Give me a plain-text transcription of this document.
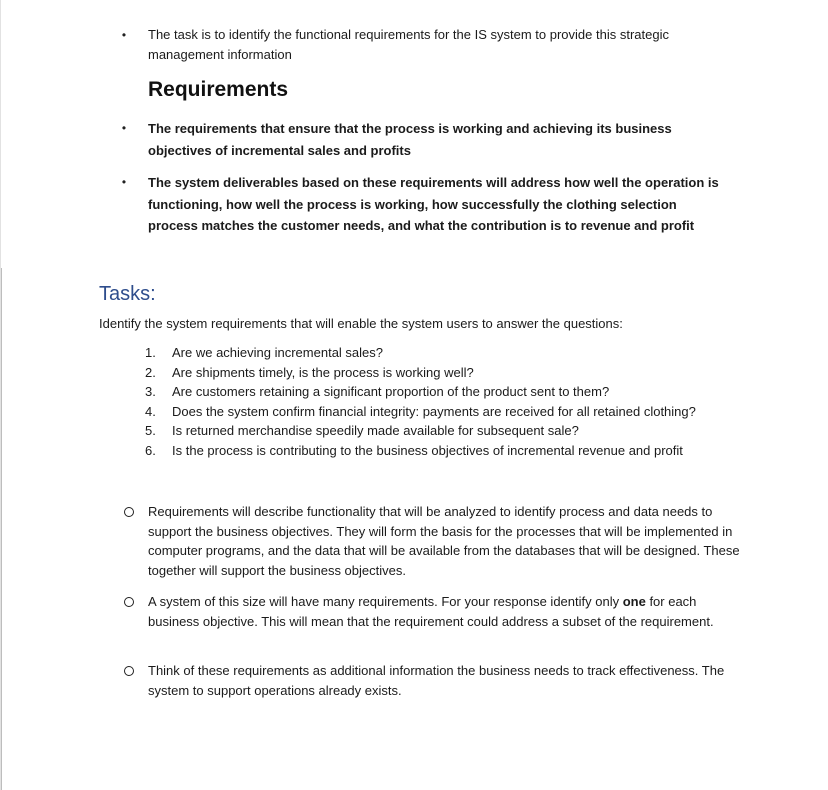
• The task is to identify the functional requirements for the IS system to provide this strategic management information
Requirements
• The requirements that ensure that the process is working and achieving its business objectives of incremental sales and profits
• The system deliverables based on these requirements will address how well the operation is functioning, how well the process is working, how successfully the clothing selection process matches the customer needs, and what the contribution is to revenue and profit
Tasks:
Identify the system requirements that will enable the system users to answer the questions:
1.	Are we achieving incremental sales?
2.	Are shipments timely, is the process is working well?
3.	Are customers retaining a significant proportion of the product sent to them?
4.	Does the system confirm financial integrity: payments are received for all retained clothing?
5.	Is returned merchandise speedily made available for subsequent sale?
6.	Is the process is contributing to the business objectives of incremental revenue and profit
Requirements will describe functionality that will be analyzed to identify process and data needs to support the business objectives. They will form the basis for the processes that will be implemented in computer programs, and the data that will be available from the databases that will be designed. These together will support the business objectives.
A system of this size will have many requirements. For your response identify only one for each business objective. This will mean that the requirement could address a subset of the requirement.
Think of these requirements as additional information the business needs to track effectiveness. The system to support operations already exists.
